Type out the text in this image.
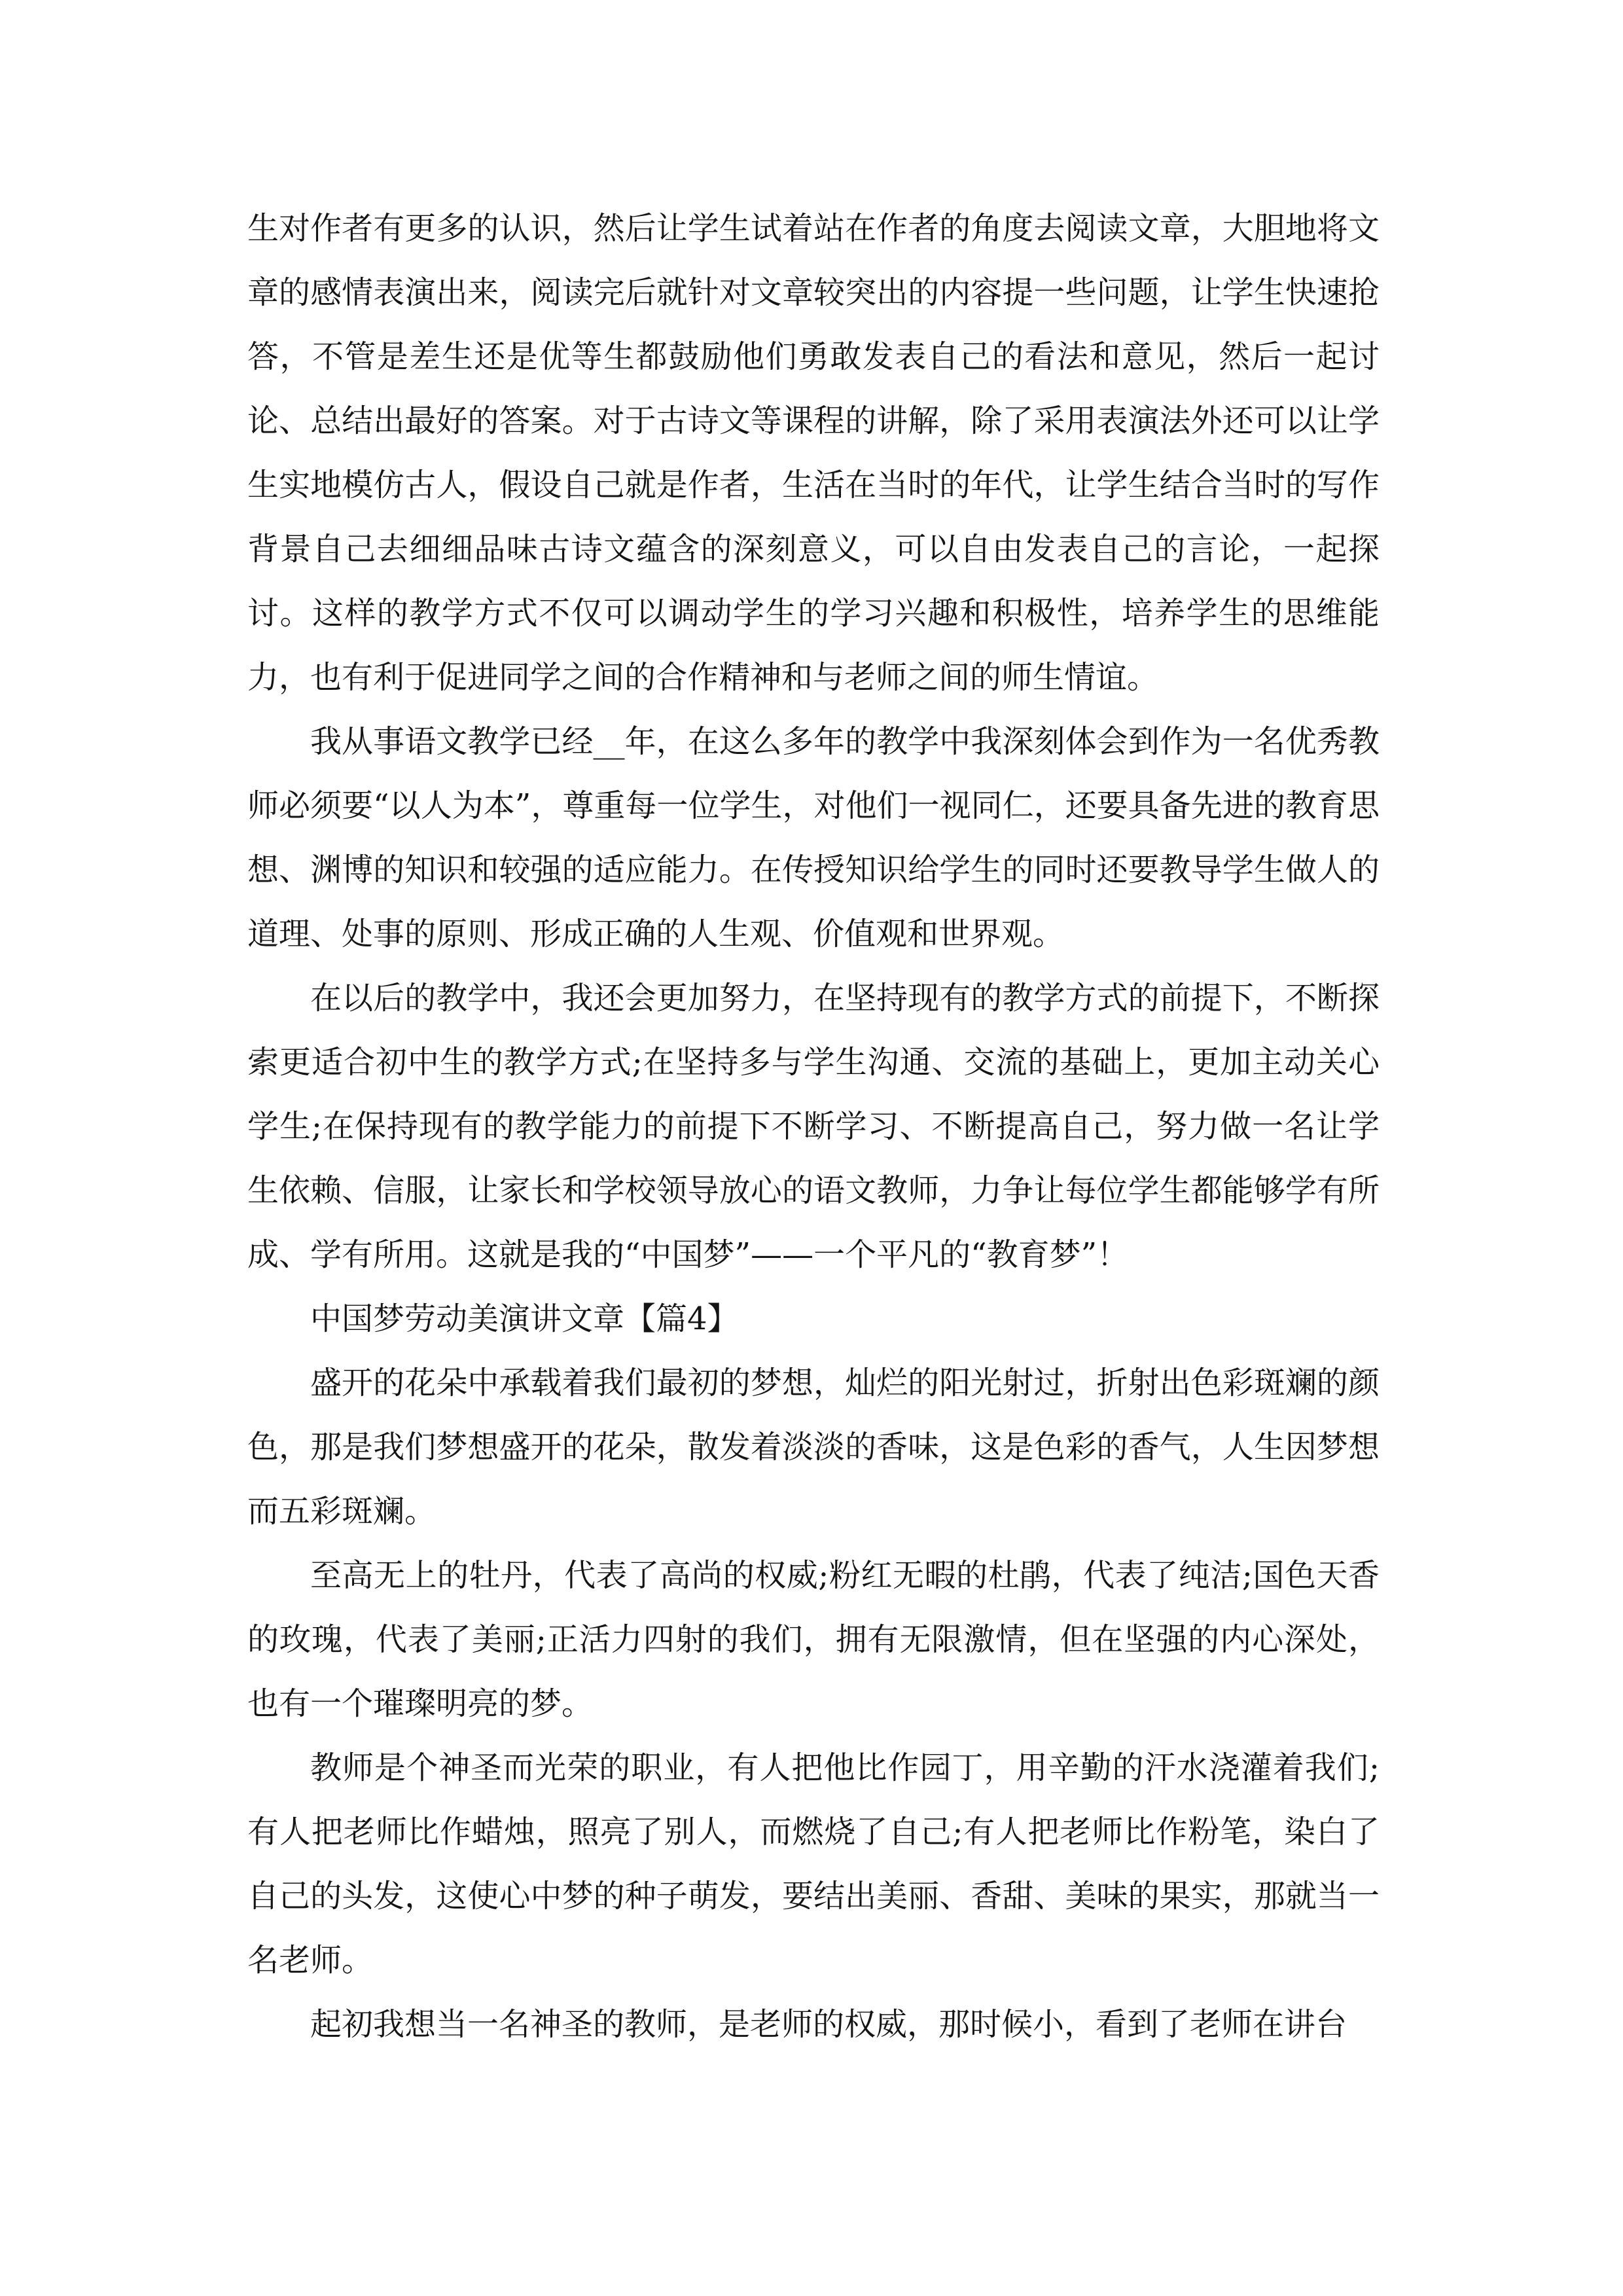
生对作者有更多的认识，然后让学生试着站在作者的角度去阅读文章，大胆地将文章的感情表演出来，阅读完后就针对文章较突出的内容提一些问题，让学生快速抢答，不管是差生还是优等生都鼓励他们勇敢发表自己的看法和意见，然后一起讨论、总结出最好的答案。对于古诗文等课程的讲解，除了采用表演法外还可以让学生实地模仿古人，假设自己就是作者，生活在当时的年代，让学生结合当时的写作背景自己去细细品味古诗文蕴含的深刻意义，可以自由发表自己的言论，一起探讨。这样的教学方式不仅可以调动学生的学习兴趣和积极性，培养学生的思维能力，也有利于促进同学之间的合作精神和与老师之间的师生情谊。

我从事语文教学已经__年，在这么多年的教学中我深刻体会到作为一名优秀教师必须要“以人为本”，尊重每一位学生，对他们一视同仁，还要具备先进的教育思想、渊博的知识和较强的适应能力。在传授知识给学生的同时还要教导学生做人的道理、处事的原则、形成正确的人生观、价值观和世界观。

在以后的教学中，我还会更加努力，在坚持现有的教学方式的前提下，不断探索更适合初中生的教学方式;在坚持多与学生沟通、交流的基础上，更加主动关心学生;在保持现有的教学能力的前提下不断学习、不断提高自己，努力做一名让学生依赖、信服，让家长和学校领导放心的语文教师，力争让每位学生都能够学有所成、学有所用。这就是我的“中国梦”——一个平凡的“教育梦”！

中国梦劳动美演讲文章【篇4】

盛开的花朵中承载着我们最初的梦想，灿烂的阳光射过，折射出色彩斑斓的颜色，那是我们梦想盛开的花朵，散发着淡淡的香味，这是色彩的香气，人生因梦想而五彩斑斓。

至高无上的牡丹，代表了高尚的权威;粉红无暇的杜鹃，代表了纯洁;国色天香的玫瑰，代表了美丽;正活力四射的我们，拥有无限激情，但在坚强的内心深处，也有一个璀璨明亮的梦。

教师是个神圣而光荣的职业，有人把他比作园丁，用辛勤的汗水浇灌着我们;有人把老师比作蜡烛，照亮了别人，而燃烧了自己;有人把老师比作粉笔，染白了自己的头发，这使心中梦的种子萌发，要结出美丽、香甜、美味的果实，那就当一名老师。

起初我想当一名神圣的教师，是老师的权威，那时候小，看到了老师在讲台
